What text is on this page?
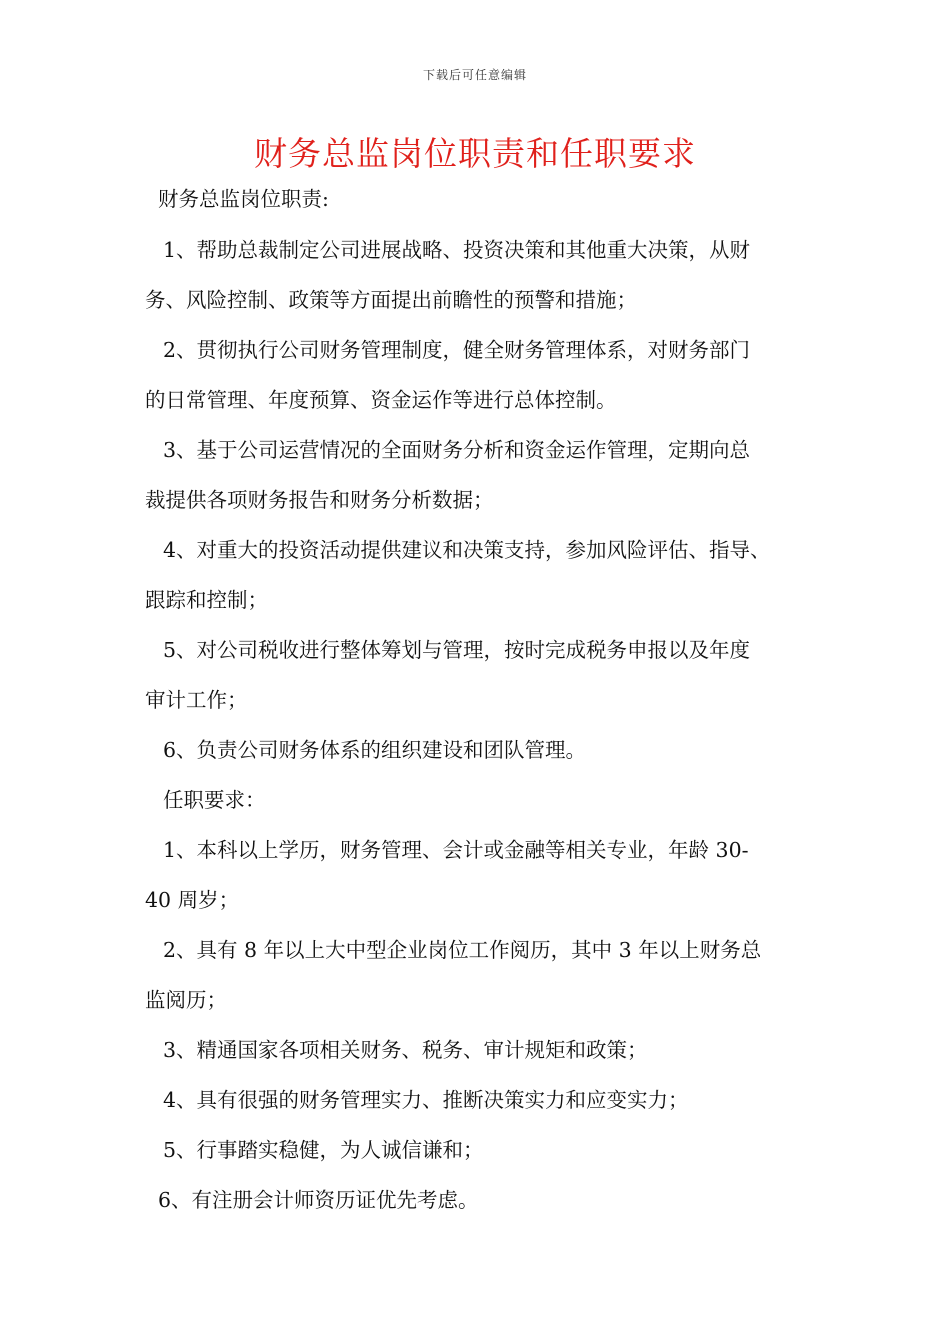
下载后可任意编辑
财务总监岗位职责和任职要求
财务总监岗位职责:
1、帮助总裁制定公司进展战略、投资决策和其他重大决策，从财
务、风险控制、政策等方面提出前瞻性的预警和措施；
2、贯彻执行公司财务管理制度，健全财务管理体系，对财务部门
的日常管理、年度预算、资金运作等进行总体控制。
3、基于公司运营情况的全面财务分析和资金运作管理，定期向总
裁提供各项财务报告和财务分析数据；
4、对重大的投资活动提供建议和决策支持，参加风险评估、指导、
跟踪和控制；
5、对公司税收进行整体筹划与管理，按时完成税务申报以及年度
审计工作；
6、负责公司财务体系的组织建设和团队管理。
任职要求：
1、本科以上学历，财务管理、会计或金融等相关专业，年龄 30-
40 周岁；
2、具有 8 年以上大中型企业岗位工作阅历，其中 3 年以上财务总
监阅历；
3、精通国家各项相关财务、税务、审计规矩和政策；
4、具有很强的财务管理实力、推断决策实力和应变实力；
5、行事踏实稳健，为人诚信谦和；
6、有注册会计师资历证优先考虑。
